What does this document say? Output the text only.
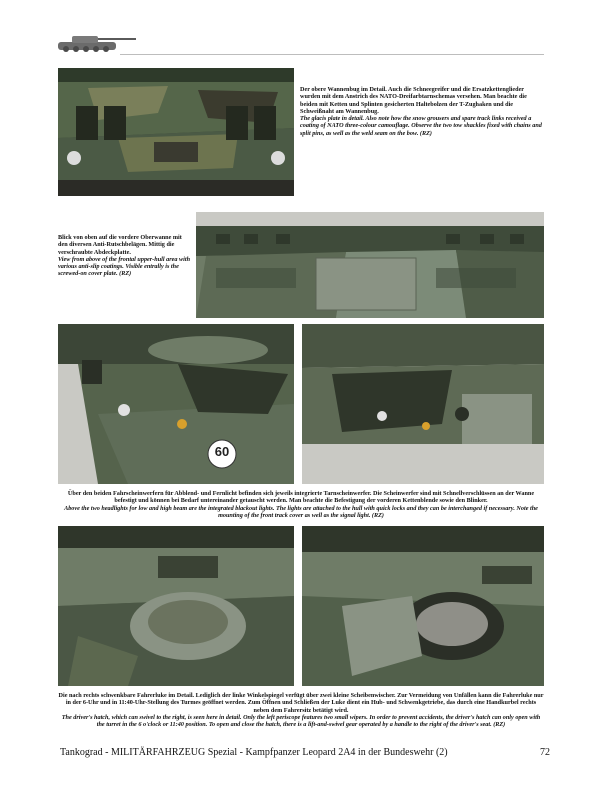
Der obere Wannenbug im Detail. Auch die Schneegreifer und die Ersatzkettenglieder wurden mit dem Anstrich des NATO-Dreifarbtarnschemas versehen. Man beachte die beiden mit Ketten und Splinten gesicherten Haltebolzen der T-Zughaken und die Schweißnaht am Wannenbug.
The glacis plate in detail. Also note how the snow grousers and spare track links received a coating of NATO three-colour camouflage. Observe the two tow shackles fixed with chains and split pins, as well as the weld seam on the bow. (RZ)
Blick von oben auf die vordere Oberwanne mit den diversen Anti-Rutschbelägen. Mittig die verschraubte Abdeckplatte.
View from above of the frontal upper-hull area with various anti-slip coatings. Visible entrally is the screwed-on cover plate. (RZ)
60
Über den beiden Fahrscheinwerfern für Abblend- und Fernlicht befinden sich jeweils integrierte Tarnscheinwerfer. Die Scheinwerfer sind mit Schnellverschlüssen an der Wanne befestigt und können bei Bedarf untereinander getauscht werden. Man beachte die Befestigung der vorderen Kettenblende sowie den Blinker.
Above the two headlights for low and high beam are the integrated blackout lights. The lights are attached to the hull with quick locks and they can be interchanged if necessary. Note the mounting of the front track cover as well as the signal light. (RZ)
Die nach rechts schwenkbare Fahrerluke im Detail. Lediglich der linke Winkelspiegel verfügt über zwei kleine Scheibenwischer. Zur Vermeidung von Unfällen kann die Fahrerluke nur in der 6-Uhr und in 11:40-Uhr-Stellung des Turmes geöffnet werden. Zum Öffnen und Schließen der Luke dient ein Hub- und Schwenkgetriebe, das durch eine Handkurbel rechts neben dem Fahrersitz betätigt wird.
The driver's hatch, which can swivel to the right, is seen here in detail. Only the left periscope features two small wipers. In order to prevent accidents, the driver's hatch can only open with the turret in the 6 o'clock or 11:40 position. To open and close the hatch, there is a lift-and-swivel gear operated by a handle to the right of the driver's seat. (RZ)
Tankograd - MILITÄRFAHRZEUG Spezial - Kampfpanzer Leopard 2A4 in der Bundeswehr (2)	72
